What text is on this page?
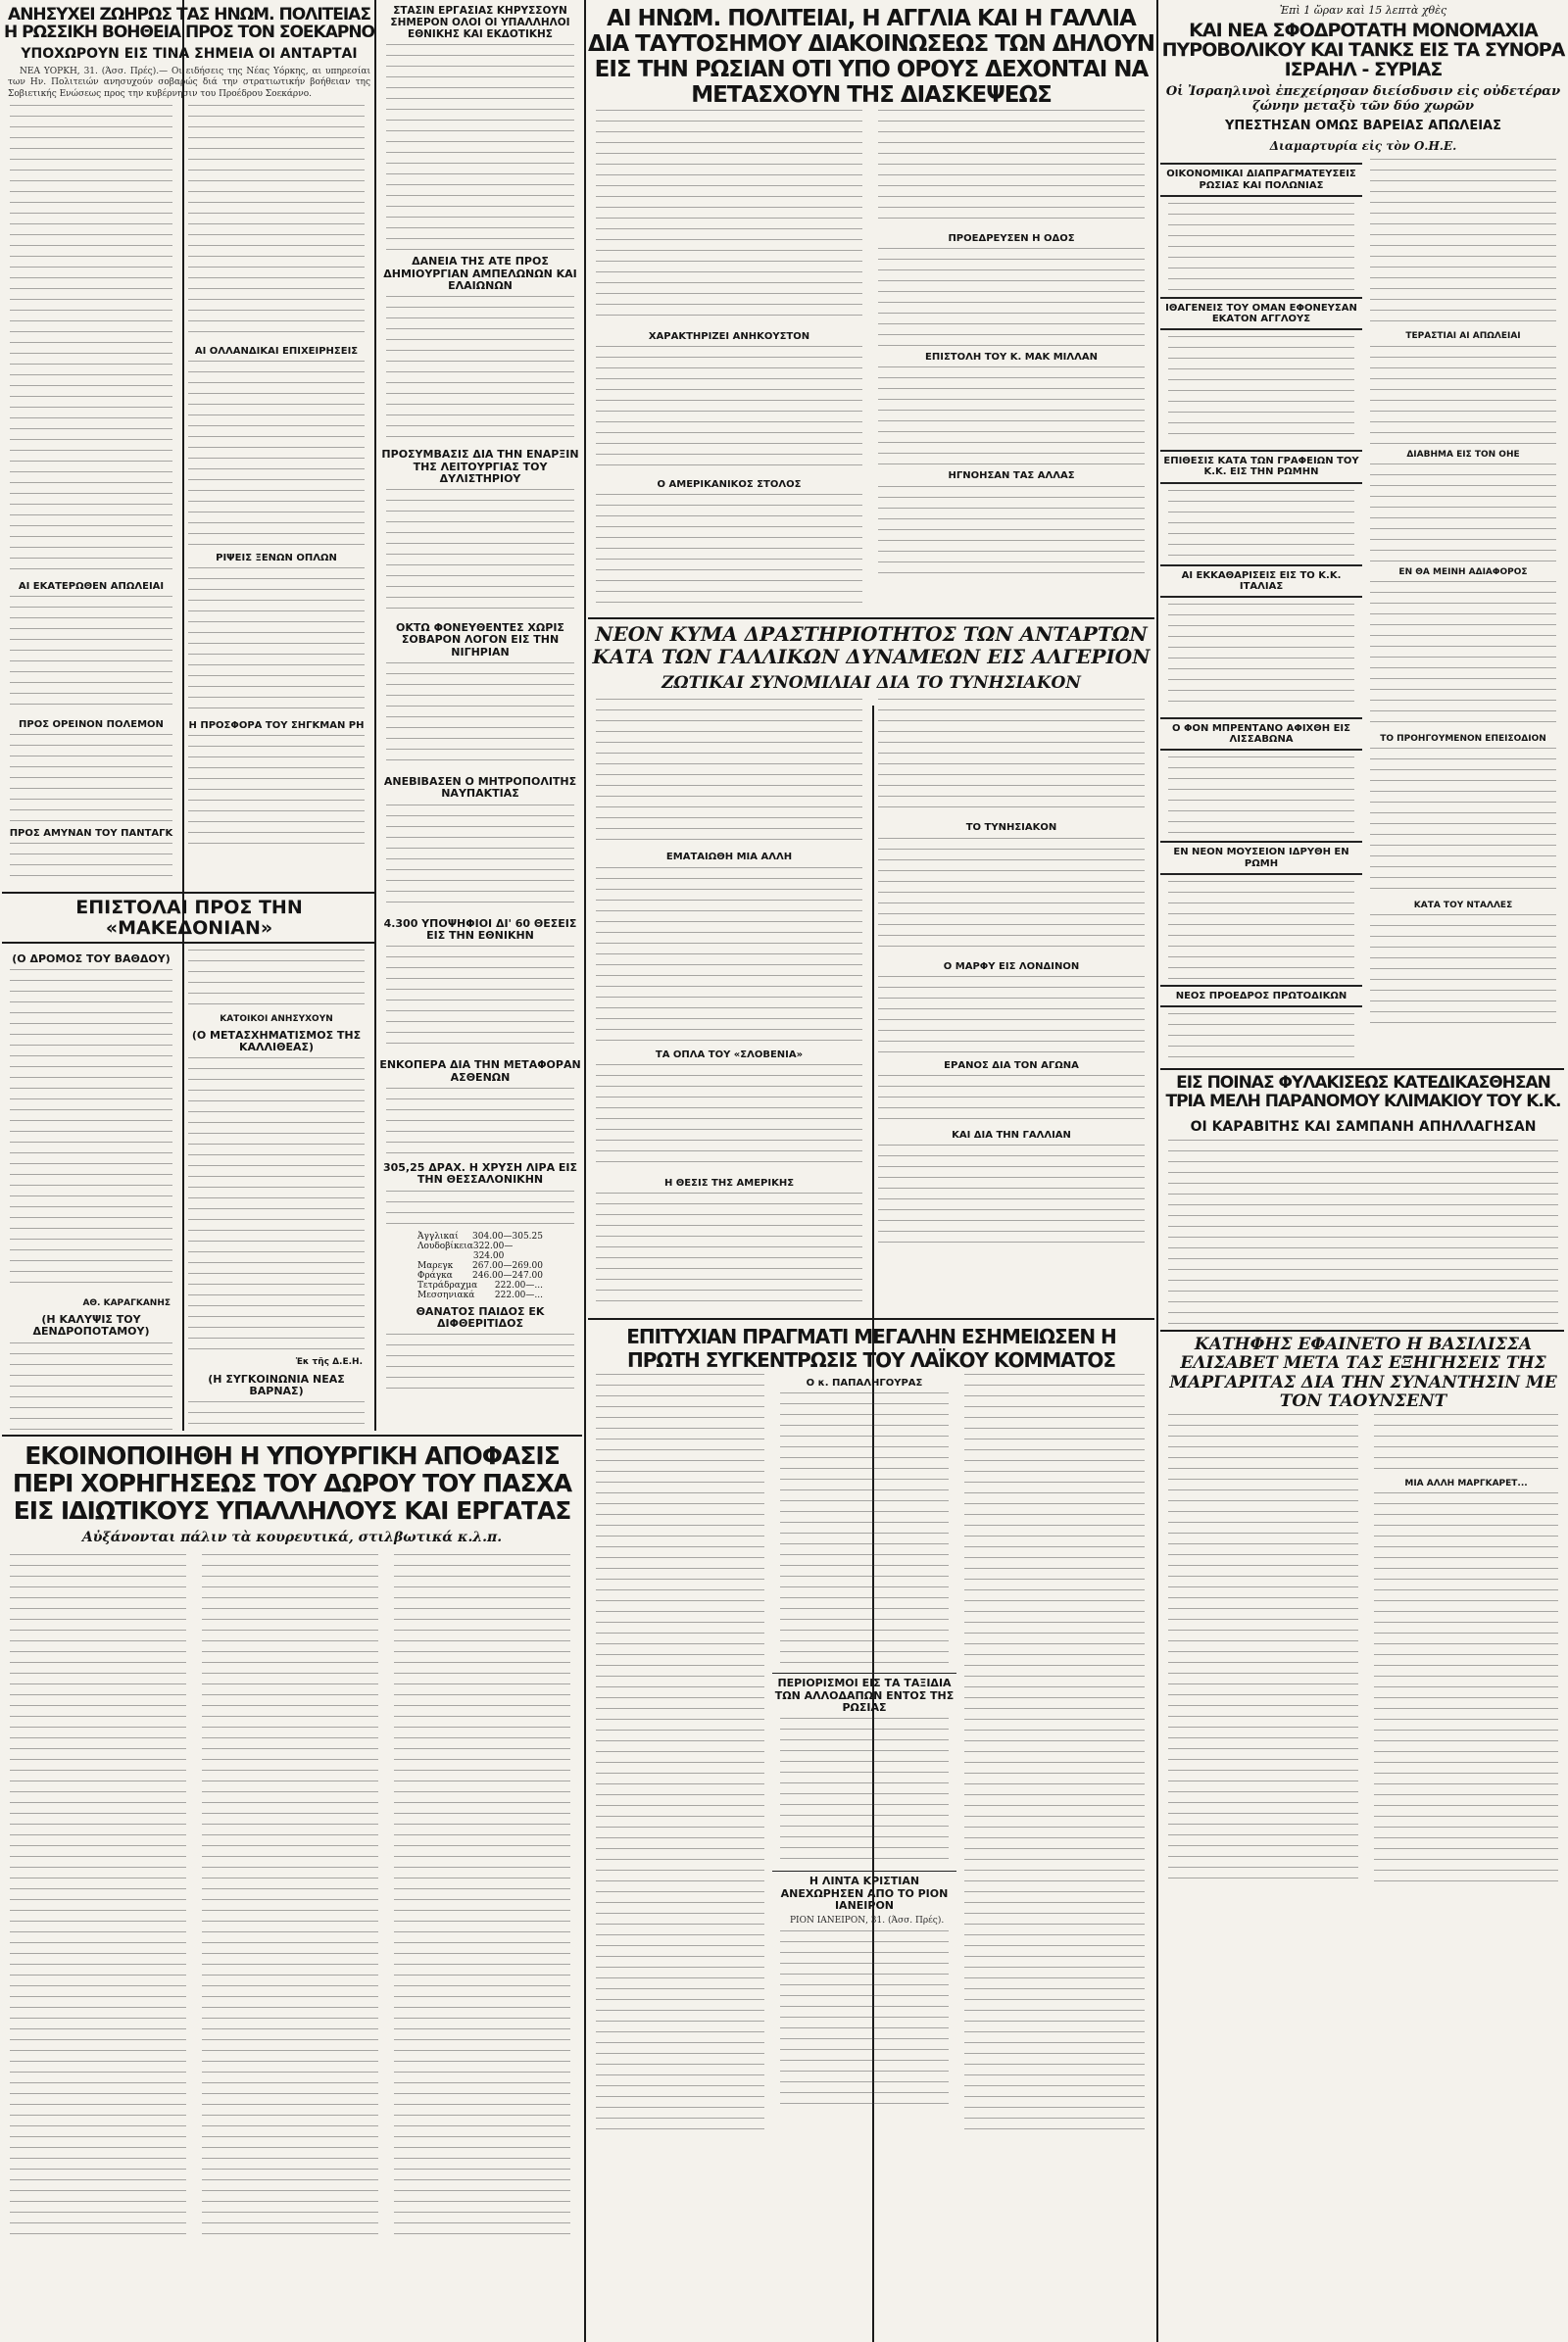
ΑΝΗΣΥΧΕΙ ΖΩΗΡΩΣ ΤΑΣ ΗΝΩΜ. ΠΟΛΙΤΕΙΑΣ Η ΡΩΣΣΙΚΗ ΒΟΗΘΕΙΑ ΠΡΟΣ ΤΟΝ ΣΟΕΚΑΡΝΟ
ΥΠΟΧΩΡΟΥΝ ΕΙΣ ΤΙΝΑ ΣΗΜΕΙΑ ΟΙ ΑΝΤΑΡΤΑΙ

ΝΕΑ ΥΟΡΚΗ, 31. (Άσσ. Πρές).— Οι ειδήσεις της Νέας Υόρκης, αι υπηρεσίαι των Ην. Πολιτειών ανησυχούν σοβαρώς διά την στρατιωτικήν βοήθειαν της Σοβιετικής Ενώσεως προς την κυβέρνησιν του Προέδρου Σοεκάρνο.

ΑΙ ΕΚΑΤΕΡΩΘΕΝ ΑΠΩΛΕΙΑΙ
ΠΡΟΣ ΟΡΕΙΝΟΝ ΠΟΛΕΜΟΝ
ΠΡΟΣ ΑΜΥΝΑΝ ΤΟΥ ΠΑΝΤΑΓΚ
ΑΙ ΟΛΛΑΝΔΙΚΑΙ ΕΠΙΧΕΙΡΗΣΕΙΣ
ΡΙΨΕΙΣ ΞΕΝΩΝ ΟΠΛΩΝ
Η ΠΡΟΣΦΟΡΑ ΤΟΥ ΣΗΓΚΜΑΝ ΡΗ
ΕΠΙΣΤΟΛΑΙ ΠΡΟΣ ΤΗΝ «ΜΑΚΕΔΟΝΙΑΝ»
(Ο ΔΡΟΜΟΣ ΤΟΥ ΒΑΘΔΟΥ)
ΑΘ. ΚΑΡΑΓΚΑΝΗΣ
(Η ΚΑΛΥΨΙΣ ΤΟΥ ΔΕΝΔΡΟΠΟΤΑΜΟΥ)
ΚΑΤΟΙΚΟΙ ΑΝΗΣΥΧΟΥΝ
(Ο ΜΕΤΑΣΧΗΜΑΤΙΣΜΟΣ ΤΗΣ ΚΑΛΛΙΘΕΑΣ)
Ἐκ τῆς Δ.Ε.Η.
(Η ΣΥΓΚΟΙΝΩΝΙΑ ΝΕΑΣ ΒΑΡΝΑΣ)
ΣΤΑΣΙΝ ΕΡΓΑΣΙΑΣ ΚΗΡΥΣΣΟΥΝ ΣΗΜΕΡΟΝ ΟΛΟΙ ΟΙ ΥΠΑΛΛΗΛΟΙ ΕΘΝΙΚΗΣ ΚΑΙ ΕΚΔΟΤΙΚΗΣ
ΔΑΝΕΙΑ ΤΗΣ ΑΤΕ ΠΡΟΣ ΔΗΜΙΟΥΡΓΙΑΝ ΑΜΠΕΛΩΝΩΝ ΚΑΙ ΕΛΑΙΩΝΩΝ
ΠΡΟΣΥΜΒΑΣΙΣ ΔΙΑ ΤΗΝ ΕΝΑΡΞΙΝ ΤΗΣ ΛΕΙΤΟΥΡΓΙΑΣ ΤΟΥ ΔΥΛΙΣΤΗΡΙΟΥ
ΟΚΤΩ ΦΟΝΕΥΘΕΝΤΕΣ ΧΩΡΙΣ ΣΟΒΑΡΟΝ ΛΟΓΟΝ ΕΙΣ ΤΗΝ ΝΙΓΗΡΙΑΝ
ΑΝΕΒΙΒΑΣΕΝ Ο ΜΗΤΡΟΠΟΛΙΤΗΣ ΝΑΥΠΑΚΤΙΑΣ
4.300 ΥΠΟΨΗΦΙΟΙ ΔΙ' 60 ΘΕΣΕΙΣ ΕΙΣ ΤΗΝ ΕΘΝΙΚΗΝ
ΕΝΚΟΠΕΡΑ ΔΙΑ ΤΗΝ ΜΕΤΑΦΟΡΑΝ ΑΣΘΕΝΩΝ
305,25 ΔΡΑΧ. Η ΧΡΥΣΗ ΛΙΡΑ ΕΙΣ ΤΗΝ ΘΕΣΣΑΛΟΝΙΚΗΝ
Ἀγγλικαί 304.00—305.25
Λουδοβίκεια 322.00—324.00
Μαρεγκ 267.00—269.00
Φράγκα 246.00—247.00
Τετράδραχμα 222.00—...
Μεσσηνιακά 222.00—...
ΘΑΝΑΤΟΣ ΠΑΙΔΟΣ ΕΚ ΔΙΦΘΕΡΙΤΙΔΟΣ
ΕΚΟΙΝΟΠΟΙΗΘΗ Η ΥΠΟΥΡΓΙΚΗ ΑΠΟΦΑΣΙΣ ΠΕΡΙ ΧΟΡΗΓΗΣΕΩΣ ΤΟΥ ΔΩΡΟΥ ΤΟΥ ΠΑΣΧΑ ΕΙΣ ΙΔΙΩΤΙΚΟΥΣ ΥΠΑΛΛΗΛΟΥΣ ΚΑΙ ΕΡΓΑΤΑΣ
Αὐξάνονται πάλιν τὰ κουρευτικά, στιλβωτικά κ.λ.π.
ΑΙ ΗΝΩΜ. ΠΟΛΙΤΕΙΑΙ, Η ΑΓΓΛΙΑ ΚΑΙ Η ΓΑΛΛΙΑ ΔΙΑ ΤΑΥΤΟΣΗΜΟΥ ΔΙΑΚΟΙΝΩΣΕΩΣ ΤΩΝ ΔΗΛΟΥΝ ΕΙΣ ΤΗΝ ΡΩΣΙΑΝ ΟΤΙ ΥΠΟ ΟΡΟΥΣ ΔΕΧΟΝΤΑΙ ΝΑ ΜΕΤΑΣΧΟΥΝ ΤΗΣ ΔΙΑΣΚΕΨΕΩΣ
ΧΑΡΑΚΤΗΡΙΖΕΙ ΑΝΗΚΟΥΣΤΟΝ
Ο ΑΜΕΡΙΚΑΝΙΚΟΣ ΣΤΟΛΟΣ
ΠΡΟΕΔΡΕΥΣΕΝ Η ΟΔΟΣ
ΕΠΙΣΤΟΛΗ ΤΟΥ Κ. ΜΑΚ ΜΙΛΛΑΝ
ΗΓΝΟΗΣΑΝ ΤΑΣ ΑΛΛΑΣ
ΝΕΟΝ ΚΥΜΑ ΔΡΑΣΤΗΡΙΟΤΗΤΟΣ ΤΩΝ ΑΝΤΑΡΤΩΝ ΚΑΤΑ ΤΩΝ ΓΑΛΛΙΚΩΝ ΔΥΝΑΜΕΩΝ ΕΙΣ ΑΛΓΕΡΙΟΝ
ΖΩΤΙΚΑΙ ΣΥΝΟΜΙΛΙΑΙ ΔΙΑ ΤΟ ΤΥΝΗΣΙΑΚΟΝ
ΕΜΑΤΑΙΩΘΗ ΜΙΑ ΑΛΛΗ
ΤΑ ΟΠΛΑ ΤΟΥ «ΣΛΟΒΕΝΙΑ»
Η ΘΕΣΙΣ ΤΗΣ ΑΜΕΡΙΚΗΣ
ΤΟ ΤΥΝΗΣΙΑΚΟΝ
Ο ΜΑΡΦΥ ΕΙΣ ΛΟΝΔΙΝΟΝ
ΕΡΑΝΟΣ ΔΙΑ ΤΟΝ ΑΓΩΝΑ
ΚΑΙ ΔΙΑ ΤΗΝ ΓΑΛΛΙΑΝ
ΕΠΙΤΥΧΙΑΝ ΠΡΑΓΜΑΤΙ ΜΕΓΑΛΗΝ ΕΣΗΜΕΙΩΣΕΝ Η ΠΡΩΤΗ ΣΥΓΚΕΝΤΡΩΣΙΣ ΤΟΥ ΛΑΪΚΟΥ ΚΟΜΜΑΤΟΣ
Ο κ. ΠΑΠΑΛΗΓΟΥΡΑΣ
ΠΕΡΙΟΡΙΣΜΟΙ ΕΙΣ ΤΑ ΤΑΞΙΔΙΑ ΤΩΝ ΑΛΛΟΔΑΠΩΝ ΕΝΤΟΣ ΤΗΣ ΡΩΣΙΑΣ
Η ΛΙΝΤΑ ΚΡΙΣΤΙΑΝ ΑΝΕΧΩΡΗΣΕΝ ΑΠΟ ΤΟ ΡΙΟΝ ΙΑΝΕΙΡΟΝ

ΡΙΟΝ ΙΑΝΕΙΡΟΝ, 31. (Άσσ. Πρές).

Ἐπὶ 1 ὥραν καὶ 15 λεπτὰ χθὲς
ΚΑΙ ΝΕΑ ΣΦΟΔΡΟΤΑΤΗ ΜΟΝΟΜΑΧΙΑ ΠΥΡΟΒΟΛΙΚΟΥ ΚΑΙ ΤΑΝΚΣ ΕΙΣ ΤΑ ΣΥΝΟΡΑ ΙΣΡΑΗΛ - ΣΥΡΙΑΣ
Οἱ Ἰσραηλινοὶ ἐπεχείρησαν διείσδυσιν εἰς οὐδετέραν ζώνην μεταξὺ τῶν δύο χωρῶν
ΥΠΕΣΤΗΣΑΝ ΟΜΩΣ ΒΑΡΕΙΑΣ ΑΠΩΛΕΙΑΣ
Διαμαρτυρία εἰς τὸν Ο.Η.Ε.
ΟΙΚΟΝΟΜΙΚΑΙ ΔΙΑΠΡΑΓΜΑΤΕΥΣΕΙΣ ΡΩΣΙΑΣ ΚΑΙ ΠΟΛΩΝΙΑΣ
ΙΘΑΓΕΝΕΙΣ ΤΟΥ ΟΜΑΝ ΕΦΟΝΕΥΣΑΝ ΕΚΑΤΟΝ ΑΓΓΛΟΥΣ
ΕΠΙΘΕΣΙΣ ΚΑΤΑ ΤΩΝ ΓΡΑΦΕΙΩΝ ΤΟΥ Κ.Κ. ΕΙΣ ΤΗΝ ΡΩΜΗΝ
ΑΙ ΕΚΚΑΘΑΡΙΣΕΙΣ ΕΙΣ ΤΟ Κ.Κ. ΙΤΑΛΙΑΣ
Ο ΦΟΝ ΜΠΡΕΝΤΑΝΟ ΑΦΙΧΘΗ ΕΙΣ ΛΙΣΣΑΒΩΝΑ
ΕΝ ΝΕΟΝ ΜΟΥΣΕΙΟΝ ΙΔΡΥΘΗ ΕΝ ΡΩΜΗ
ΝΕΟΣ ΠΡΟΕΔΡΟΣ ΠΡΩΤΟΔΙΚΩΝ
ΤΕΡΑΣΤΙΑΙ ΑΙ ΑΠΩΛΕΙΑΙ
ΔΙΑΒΗΜΑ ΕΙΣ ΤΟΝ ΟΗΕ
ΕΝ ΘΑ ΜΕΙΝΗ ΑΔΙΑΦΟΡΟΣ
ΤΟ ΠΡΟΗΓΟΥΜΕΝΟΝ ΕΠΕΙΣΟΔΙΟΝ
ΚΑΤΑ ΤΟΥ ΝΤΑΛΛΕΣ
ΕΙΣ ΠΟΙΝΑΣ ΦΥΛΑΚΙΣΕΩΣ ΚΑΤΕΔΙΚΑΣΘΗΣΑΝ ΤΡΙΑ ΜΕΛΗ ΠΑΡΑΝΟΜΟΥ ΚΛΙΜΑΚΙΟΥ ΤΟΥ Κ.Κ.
ΟΙ ΚΑΡΑΒΙΤΗΣ ΚΑΙ ΣΑΜΠΑΝΗ ΑΠΗΛΛΑΓΗΣΑΝ
ΚΑΤΗΦΗΣ ΕΦΑΙΝΕΤΟ Η ΒΑΣΙΛΙΣΣΑ ΕΛΙΣΑΒΕΤ ΜΕΤΑ ΤΑΣ ΕΞΗΓΗΣΕΙΣ ΤΗΣ ΜΑΡΓΑΡΙΤΑΣ ΔΙΑ ΤΗΝ ΣΥΝΑΝΤΗΣΙΝ ΜΕ ΤΟΝ ΤΑΟΥΝΣΕΝΤ
ΜΙΑ ΑΛΛΗ ΜΑΡΓΚΑΡΕΤ...
